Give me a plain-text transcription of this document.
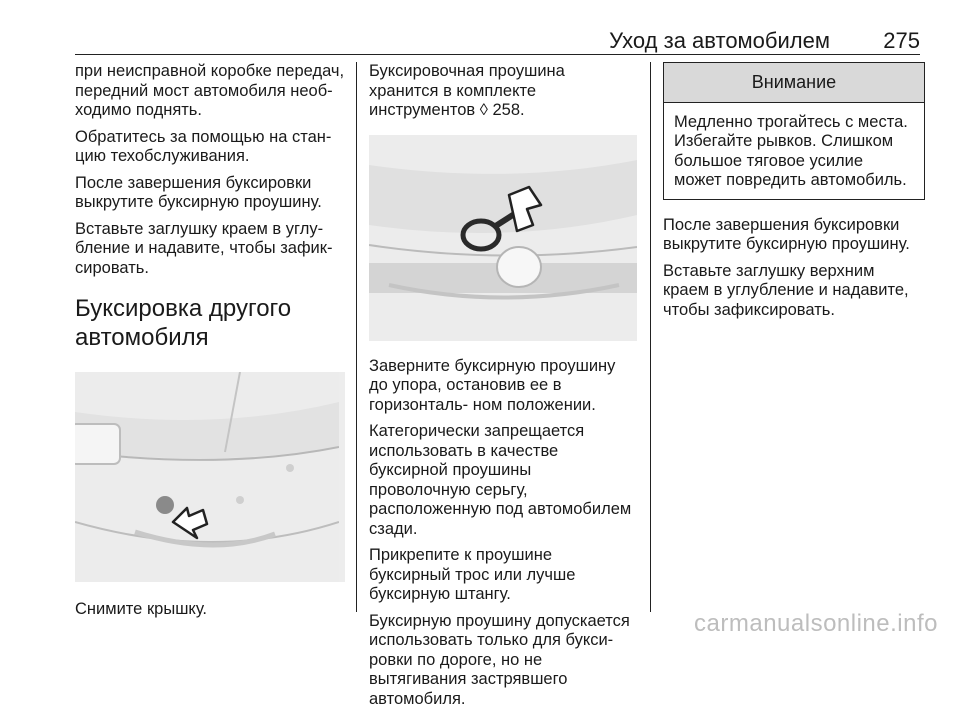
Уход за автомобилем 275

при неисправной коробке передач, передний мост автомобиля необ- ходимо поднять.

Обратитесь за помощью на стан- цию техобслуживания.

После завершения буксировки выкрутите буксирную проушину.

Вставьте заглушку краем в углу- бление и надавите, чтобы зафик- сировать.

Буксировка другого автомобиля

Снимите крышку.

Буксировочная проушина хранится в комплекте инструментов ◊ 258.

Заверните буксирную проушину до упора, остановив ее в горизонталь- ном положении.

Категорически запрещается использовать в качестве буксирной проушины проволочную серьгу, расположенную под автомобилем сзади.

Прикрепите к проушине буксирный трос или лучше буксирную штангу.

Буксирную проушину допускается использовать только для букси- ровки по дороге, но не вытягивания застрявшего автомобиля.

Внимание
Медленно трогайтесь с места. Избегайте рывков. Слишком большое тяговое усилие может повредить автомобиль.

После завершения буксировки выкрутите буксирную проушину.

Вставьте заглушку верхним краем в углубление и надавите, чтобы зафиксировать.

carmanualsonline.info
